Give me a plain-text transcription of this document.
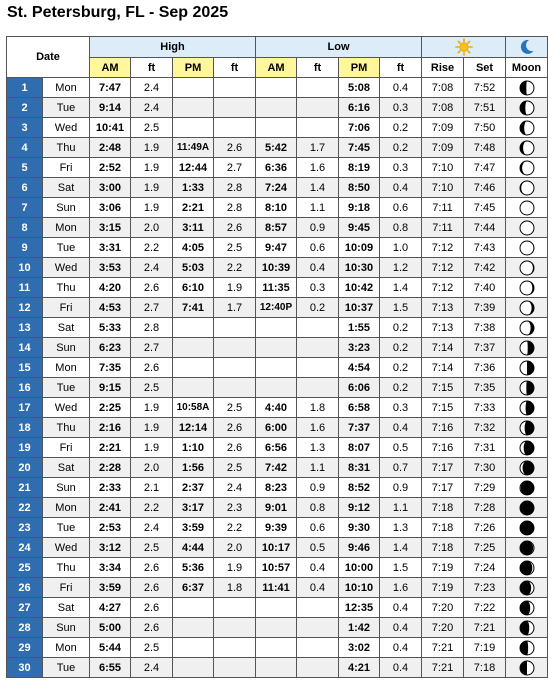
St. Petersburg, FL - Sep 2025
Date		High				Low	

		AM	ft	PM	ft	AM	ft	PM	ft	Rise	Set	Moon
1	Mon	7:47	2.4					5:08	0.4	7:08	7:52	

2	Tue	9:14	2.4					6:16	0.3	7:08	7:51	

3	Wed	10:41	2.5					7:06	0.2	7:09	7:50	

4	Thu	2:48	1.9	11:49A	2.6	5:42	1.7	7:45	0.2	7:09	7:48	

5	Fri	2:52	1.9	12:44	2.7	6:36	1.6	8:19	0.3	7:10	7:47	

6	Sat	3:00	1.9	1:33	2.8	7:24	1.4	8:50	0.4	7:10	7:46	

7	Sun	3:06	1.9	2:21	2.8	8:10	1.1	9:18	0.6	7:11	7:45	

8	Mon	3:15	2.0	3:11	2.6	8:57	0.9	9:45	0.8	7:11	7:44	

9	Tue	3:31	2.2	4:05	2.5	9:47	0.6	10:09	1.0	7:12	7:43	

10	Wed	3:53	2.4	5:03	2.2	10:39	0.4	10:30	1.2	7:12	7:42	

11	Thu	4:20	2.6	6:10	1.9	11:35	0.3	10:42	1.4	7:12	7:40	

12	Fri	4:53	2.7	7:41	1.7	12:40P	0.2	10:37	1.5	7:13	7:39	

13	Sat	5:33	2.8					1:55	0.2	7:13	7:38	

14	Sun	6:23	2.7					3:23	0.2	7:14	7:37	

15	Mon	7:35	2.6					4:54	0.2	7:14	7:36	

16	Tue	9:15	2.5					6:06	0.2	7:15	7:35	

17	Wed	2:25	1.9	10:58A	2.5	4:40	1.8	6:58	0.3	7:15	7:33	

18	Thu	2:16	1.9	12:14	2.6	6:00	1.6	7:37	0.4	7:16	7:32	

19	Fri	2:21	1.9	1:10	2.6	6:56	1.3	8:07	0.5	7:16	7:31	

20	Sat	2:28	2.0	1:56	2.5	7:42	1.1	8:31	0.7	7:17	7:30	

21	Sun	2:33	2.1	2:37	2.4	8:23	0.9	8:52	0.9	7:17	7:29	

22	Mon	2:41	2.2	3:17	2.3	9:01	0.8	9:12	1.1	7:18	7:28	

23	Tue	2:53	2.4	3:59	2.2	9:39	0.6	9:30	1.3	7:18	7:26	

24	Wed	3:12	2.5	4:44	2.0	10:17	0.5	9:46	1.4	7:18	7:25	

25	Thu	3:34	2.6	5:36	1.9	10:57	0.4	10:00	1.5	7:19	7:24	

26	Fri	3:59	2.6	6:37	1.8	11:41	0.4	10:10	1.6	7:19	7:23	

27	Sat	4:27	2.6					12:35	0.4	7:20	7:22	

28	Sun	5:00	2.6					1:42	0.4	7:20	7:21	

29	Mon	5:44	2.5					3:02	0.4	7:21	7:19	

30	Tue	6:55	2.4					4:21	0.4	7:21	7:18	
